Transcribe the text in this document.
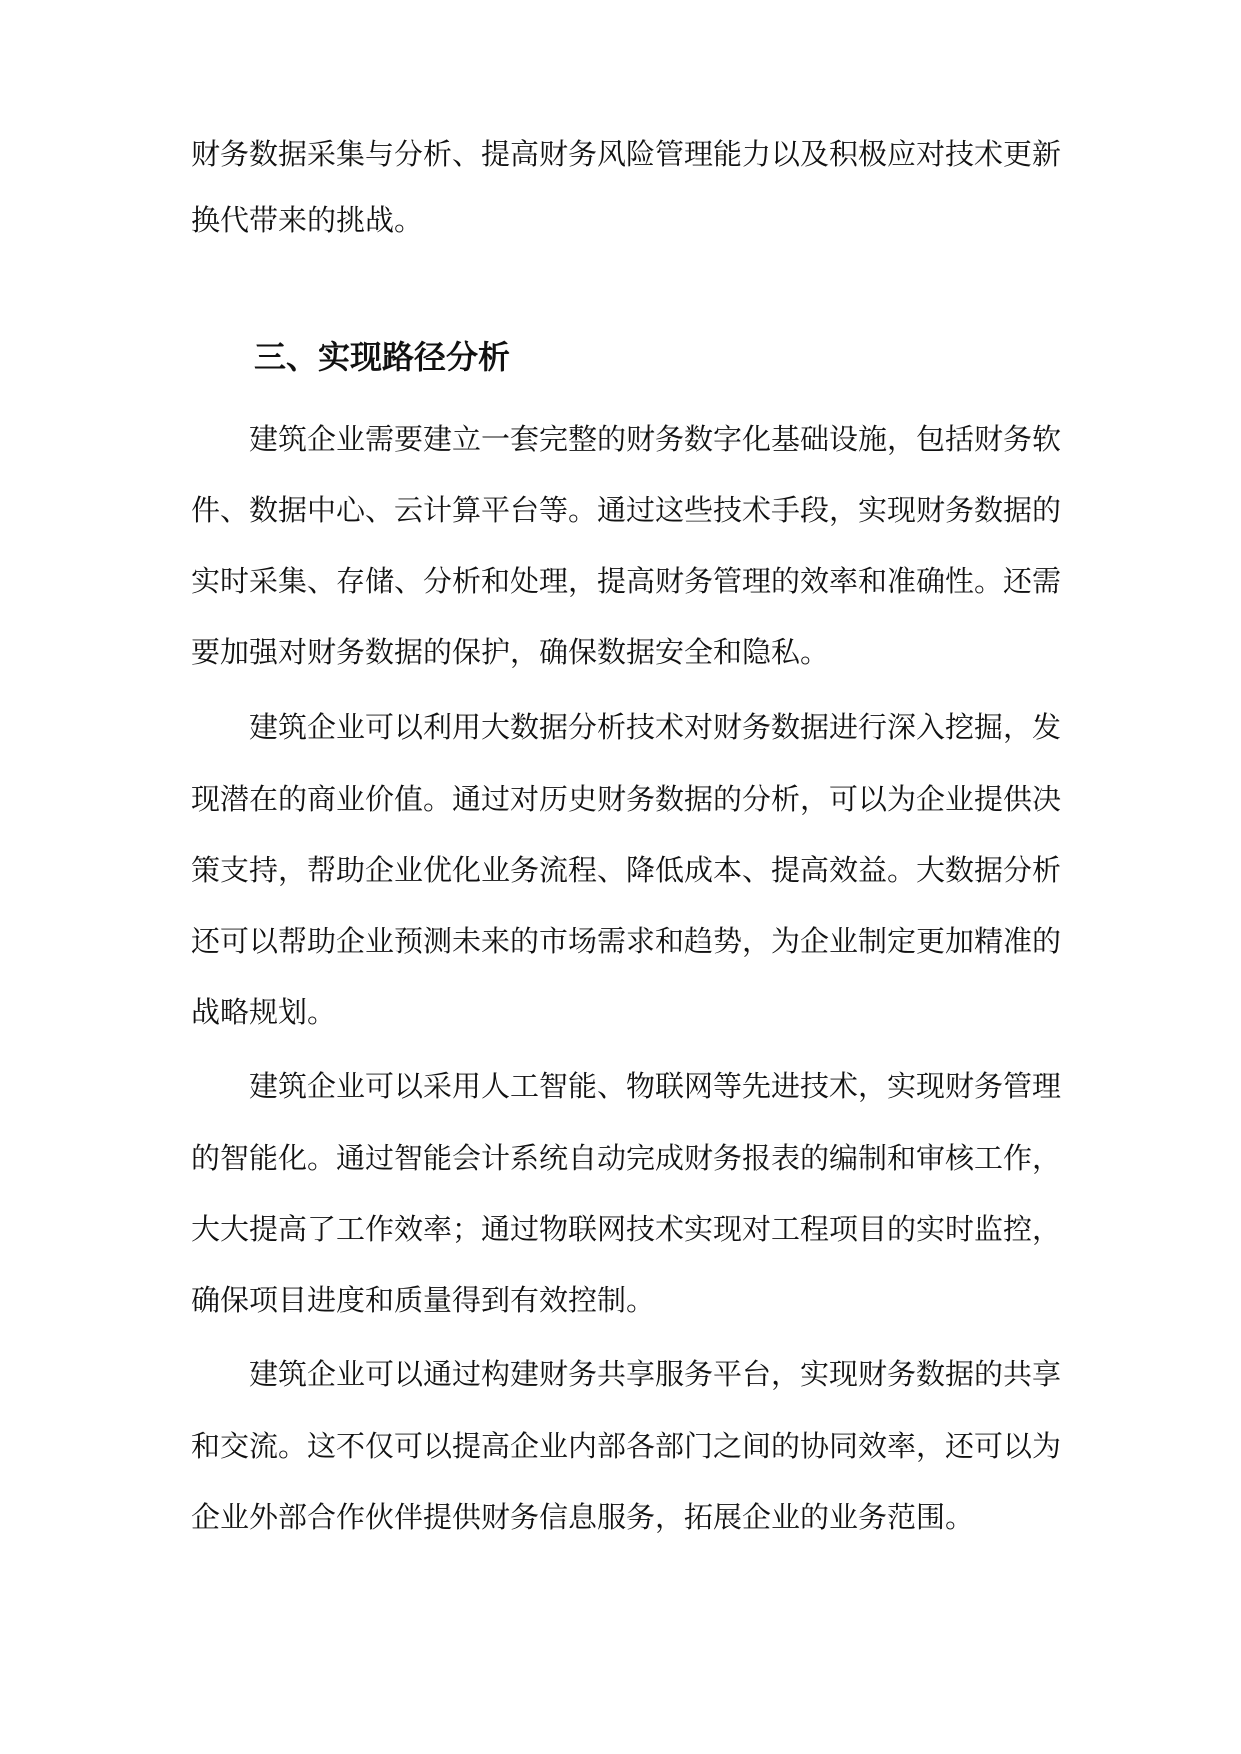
财务数据采集与分析、提高财务风险管理能力以及积极应对技术更新
换代带来的挑战。
三、实现路径分析
建筑企业需要建立一套完整的财务数字化基础设施，包括财务软
件、数据中心、云计算平台等。通过这些技术手段，实现财务数据的
实时采集、存储、分析和处理，提高财务管理的效率和准确性。还需
要加强对财务数据的保护，确保数据安全和隐私。
建筑企业可以利用大数据分析技术对财务数据进行深入挖掘，发
现潜在的商业价值。通过对历史财务数据的分析，可以为企业提供决
策支持，帮助企业优化业务流程、降低成本、提高效益。大数据分析
还可以帮助企业预测未来的市场需求和趋势，为企业制定更加精准的
战略规划。
建筑企业可以采用人工智能、物联网等先进技术，实现财务管理
的智能化。通过智能会计系统自动完成财务报表的编制和审核工作，
大大提高了工作效率；通过物联网技术实现对工程项目的实时监控，
确保项目进度和质量得到有效控制。
建筑企业可以通过构建财务共享服务平台，实现财务数据的共享
和交流。这不仅可以提高企业内部各部门之间的协同效率，还可以为
企业外部合作伙伴提供财务信息服务，拓展企业的业务范围。
